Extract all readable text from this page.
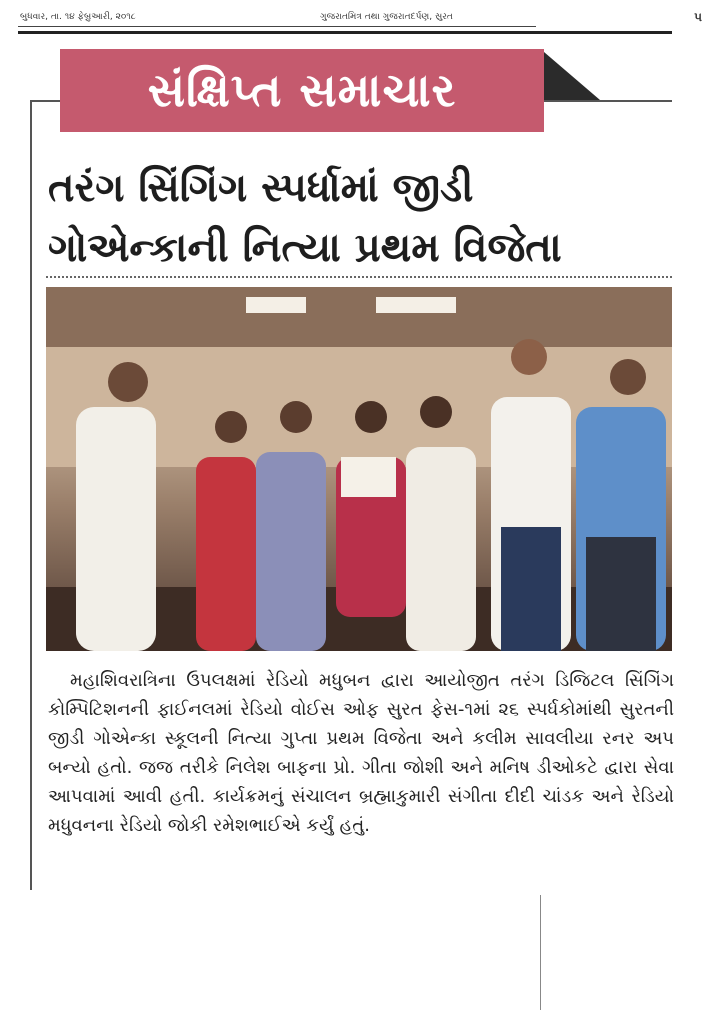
બુધવાર, તા. ૧૪ ફેબ્રુઆરી, ૨૦૧૮	ગુજરાતમિત્ર તથા ગુજરાતદર્પણ, સુરત	૫
સંક્ષિપ્ત સમાચાર
તરંગ સિંગિંગ સ્પર્ધામાં જીડી
ગોએન્કાની નિત્યા પ્રથમ વિજેતા
મહાશિવરાત્રિના ઉપલક્ષમાં રેડિયો મધુબન દ્વારા આયોજીત તરંગ ડિજિટલ સિંગિંગ કોમ્પિટિશનની ફાઈનલમાં રેડિયો વોઈસ ઓફ સુરત ફેસ-૧માં ૨૬ સ્પર્ધકોમાંથી સુરતની જીડી ગોએન્કા સ્કૂલની નિત્યા ગુપ્તા પ્રથમ વિજેતા અને કલીમ સાવલીયા રનર અપ બન્યો હતો. જજ તરીકે નિલેશ બાફના પ્રો. ગીતા જોશી અને મનિષ ડીઓકટે દ્વારા સેવા આપવામાં આવી હતી. કાર્યક્રમનું સંચાલન બ્રહ્માકુમારી સંગીતા દીદી ચાંડક અને રેડિયો મધુવનના રેડિયો જોકી રમેશભાઈએ કર્યું હતું.
